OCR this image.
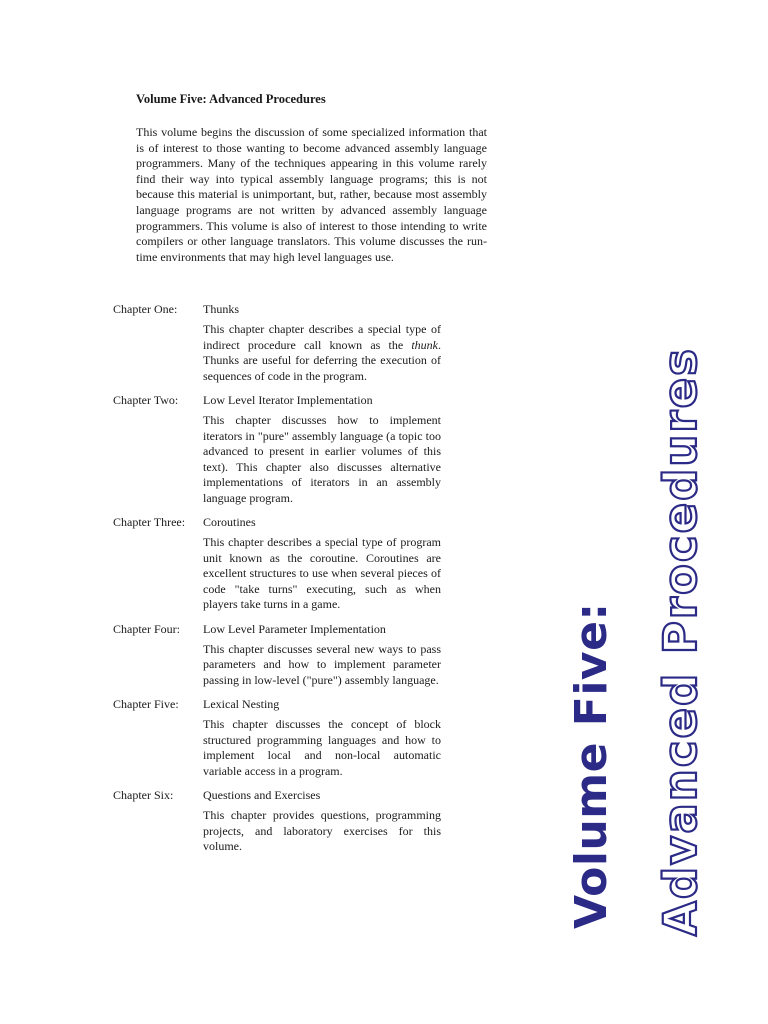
Volume Five: Advanced Procedures

This volume begins the discussion of some specialized information that is of interest to those wanting to become advanced assembly language programmers. Many of the techniques appearing in this volume rarely find their way into typical assembly language programs; this is not because this material is unimportant, but, rather, because most assembly language programs are not written by advanced assembly language programmers. This volume is also of interest to those intending to write compilers or other language translators. This volume discusses the run-time environments that may high level languages use.

Chapter One:	Thunks

This chapter chapter describes a special type of indirect procedure call known as the thunk. Thunks are useful for deferring the execution of sequences of code in the program.

Chapter Two:	Low Level Iterator Implementation

This chapter discusses how to implement iterators in "pure" assembly language (a topic too advanced to present in earlier volumes of this text). This chapter also discusses alternative implementations of iterators in an assembly language program.

Chapter Three:	Coroutines

This chapter describes a special type of program unit known as the coroutine. Coroutines are excellent structures to use when several pieces of code "take turns" executing, such as when players take turns in a game.

Chapter Four:	Low Level Parameter Implementation

This chapter discusses several new ways to pass parameters and how to implement parameter passing in low-level ("pure") assembly language.

Chapter Five:	Lexical Nesting

This chapter discusses the concept of block structured programming languages and how to implement local and non-local automatic variable access in a program.

Chapter Six:	Questions and Exercises

This chapter provides questions, programming projects, and laboratory exercises for this volume.	Volume Five: Advanced Procedures
